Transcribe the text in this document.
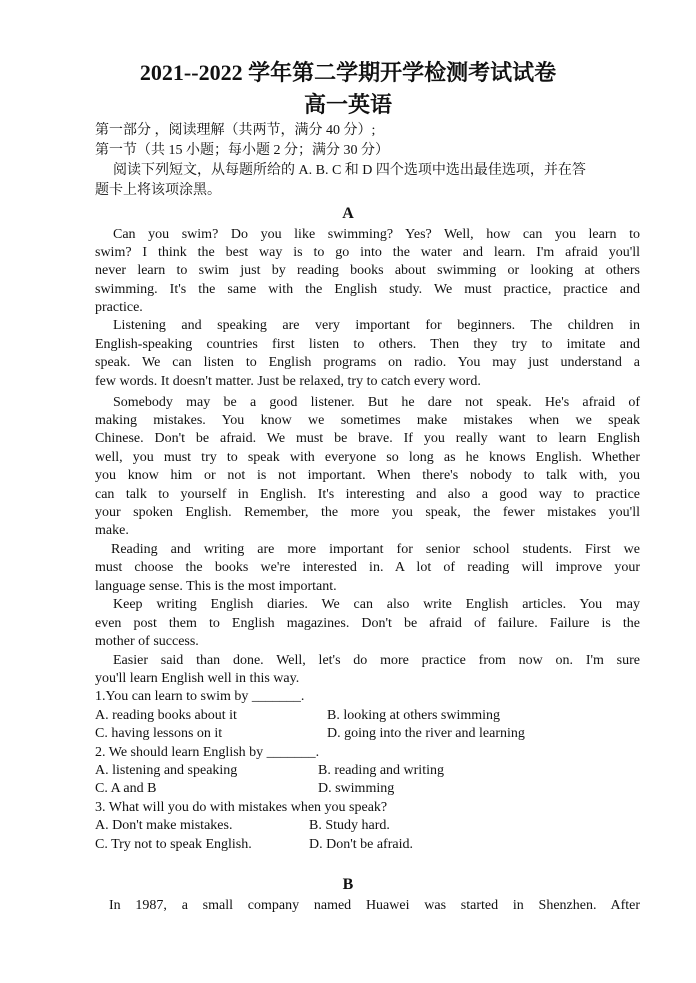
2021--2022 学年第二学期开学检测考试试卷
高一英语
第一部分 ，阅读理解（共两节，满分 40 分）;
第一节（共 15 小题；每小题 2 分；满分 30 分）
阅读下列短文，从每题所给的 A. B. C 和 D 四个选项中选出最佳选项，并在答
题卡上将该项涂黑。
A
Can you swim? Do you like swimming? Yes? Well, how can you learn to
swim? I think the best way is to go into the water and learn. I'm afraid you'll
never learn to swim just by reading books about swimming or looking at others
swimming. It's the same with the English study. We must practice, practice and
practice.
Listening and speaking are very important for beginners. The children in
English-speaking countries first listen to others. Then they try to imitate and
speak. We can listen to English programs on radio. You may just understand a
few words. It doesn't matter. Just be relaxed, try to catch every word.
Somebody may be a good listener. But he dare not speak. He's afraid of
making mistakes. You know we sometimes make mistakes when we speak
Chinese. Don't be afraid. We must be brave. If you really want to learn English
well, you must try to speak with everyone so long as he knows English. Whether
you know him or not is not important. When there's nobody to talk with, you
can talk to yourself in English. It's interesting and also a good way to practice
your spoken English. Remember, the more you speak, the fewer mistakes you'll
make.
Reading and writing are more important for senior school students. First we
must choose the books we're interested in. A lot of reading will improve your
language sense. This is the most important.
Keep writing English diaries. We can also write English articles. You may
even post them to English magazines. Don't be afraid of failure. Failure is the
mother of success.
Easier said than done. Well, let's do more practice from now on. I'm sure
you'll learn English well in this way.
1.You can learn to swim by _______.
A. reading books about it	B. looking at others swimming
C. having lessons on it	D. going into the river and learning
2. We should learn English by _______.
A. listening and speaking	B. reading and writing
C. A and B	D. swimming
3. What will you do with mistakes when you speak?
A. Don't make mistakes.	B. Study hard.
C. Try not to speak English.	D. Don't be afraid.
B
In 1987, a small company named Huawei was started in Shenzhen. After
